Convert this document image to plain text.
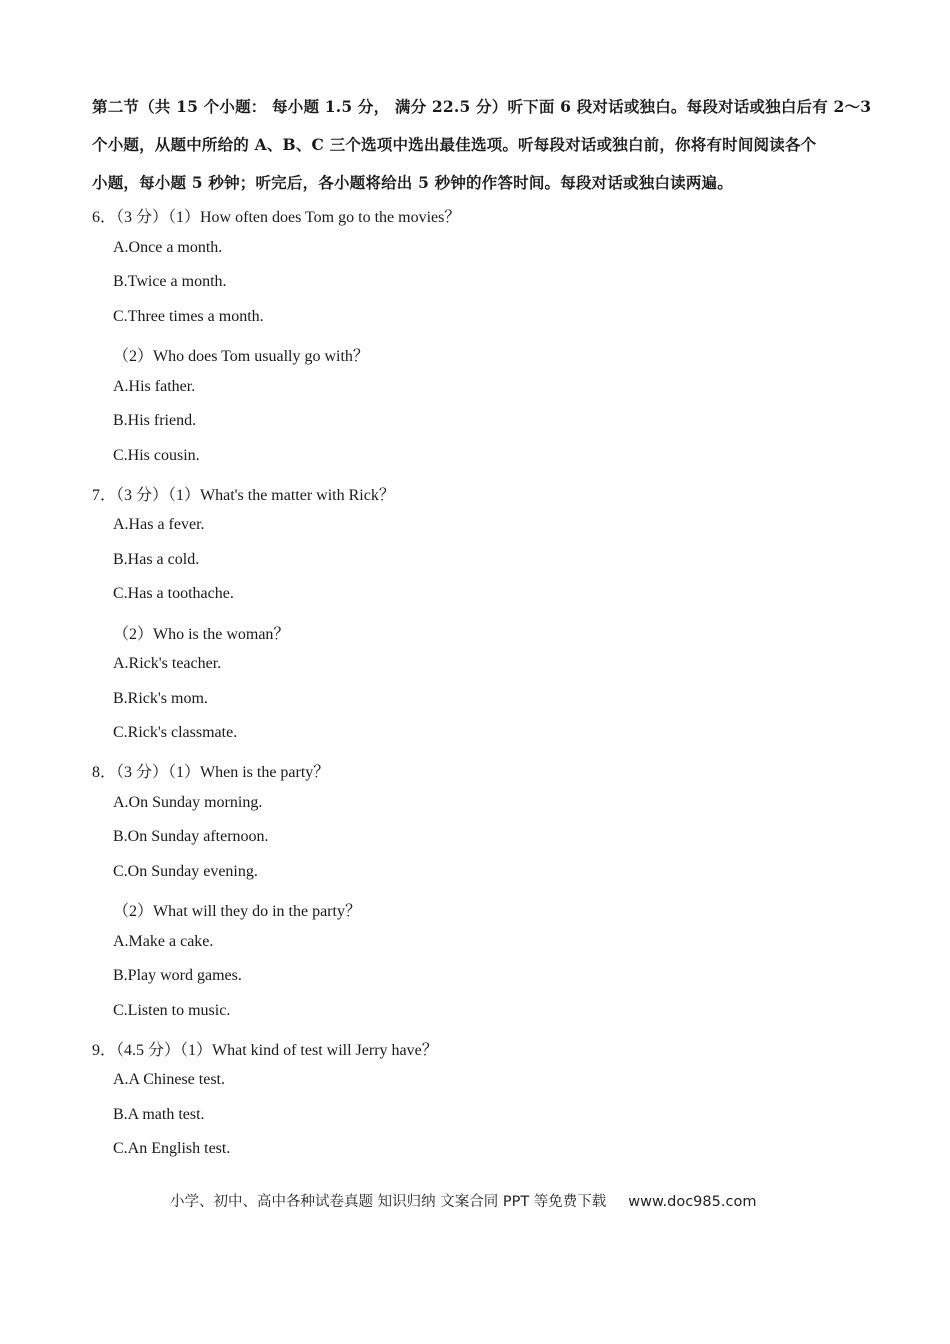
第二节（共 15 个小题： 每小题 1.5 分， 满分 22.5 分）听下面 6 段对话或独白。每段对话或独白后有 2～3

个小题，从题中所给的 A、B、C 三个选项中选出最佳选项。听每段对话或独白前，你将有时间阅读各个

小题，每小题 5 秒钟；听完后，各小题将给出 5 秒钟的作答时间。每段对话或独白读两遍。

6．（3 分）（1）How often does Tom go to the movies？
A.Once a month.
B.Twice a month.
C.Three times a month.
（2）Who does Tom usually go with？
A.His father.
B.His friend.
C.His cousin.
7．（3 分）（1）What's the matter with Rick？
A.Has a fever.
B.Has a cold.
C.Has a toothache.
（2）Who is the woman？
A.Rick's teacher.
B.Rick's mom.
C.Rick's classmate.
8．（3 分）（1）When is the party？
A.On Sunday morning.
B.On Sunday afternoon.
C.On Sunday evening.
（2）What will they do in the party？
A.Make a cake.
B.Play word games.
C.Listen to music.
9．（4.5 分）（1）What kind of test will Jerry have？
A.A Chinese test.
B.A math test.
C.An English test.
小学、初中、高中各种试卷真题 知识归纳 文案合同 PPT 等免费下载 www.doc985.com
